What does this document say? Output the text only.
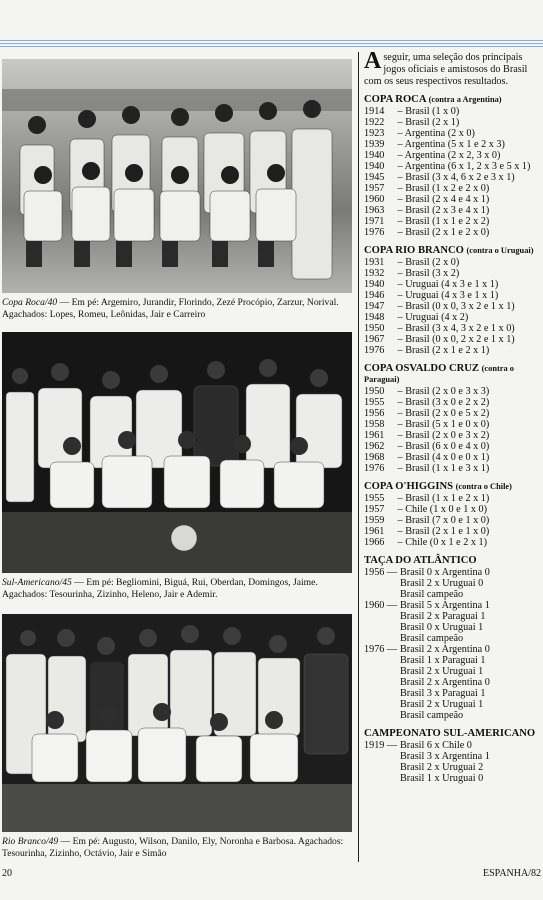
Copa Roca/40 — Em pé: Argemiro, Jurandir, Florindo, Zezé Procópio, Zarzur, Norival. Agachados: Lopes, Romeu, Leônidas, Jair e Carreiro
Sul-Americano/45 — Em pé: Begliomini, Biguá, Rui, Oberdan, Domingos, Jaime. Agachados: Tesourinha, Zizinho, Heleno, Jair e Ademir.
Rio Branco/49 — Em pé: Augusto, Wilson, Danilo, Ely, Noronha e Barbosa. Agachados: Tesourinha, Zizinho, Octávio, Jair e Simão

Aseguir, uma seleção dos principais jogos oficiais e amistosos do Brasil com os seus respectivos resultados.

COPA ROCA (contra a Argentina)
1914 – Brasil (1 x 0)
1922 – Brasil (2 x 1)
1923 – Argentina (2 x 0)
1939 – Argentina (5 x 1 e 2 x 3)
1940 – Argentina (2 x 2, 3 x 0)
1940 – Argentina (6 x 1, 2 x 3 e 5 x 1)
1945 – Brasil (3 x 4, 6 x 2 e 3 x 1)
1957 – Brasil (1 x 2 e 2 x 0)
1960 – Brasil (2 x 4 e 4 x 1)
1963 – Brasil (2 x 3 e 4 x 1)
1971 – Brasil (1 x 1 e 2 x 2)
1976 – Brasil (2 x 1 e 2 x 0)
COPA RIO BRANCO (contra o Uruguai)
1931 – Brasil (2 x 0)
1932 – Brasil (3 x 2)
1940 – Uruguai (4 x 3 e 1 x 1)
1946 – Uruguai (4 x 3 e 1 x 1)
1947 – Brasil (0 x 0, 3 x 2 e 1 x 1)
1948 – Uruguai (4 x 2)
1950 – Brasil (3 x 4, 3 x 2 e 1 x 0)
1967 – Brasil (0 x 0, 2 x 2 e 1 x 1)
1976 – Brasil (2 x 1 e 2 x 1)
COPA OSVALDO CRUZ (contra o Paraguai)
1950 – Brasil (2 x 0 e 3 x 3)
1955 – Brasil (3 x 0 e 2 x 2)
1956 – Brasil (2 x 0 e 5 x 2)
1958 – Brasil (5 x 1 e 0 x 0)
1961 – Brasil (2 x 0 e 3 x 2)
1962 – Brasil (6 x 0 e 4 x 0)
1968 – Brasil (4 x 0 e 0 x 1)
1976 – Brasil (1 x 1 e 3 x 1)
COPA O'HIGGINS (contra o Chile)
1955 – Brasil (1 x 1 e 2 x 1)
1957 – Chile (1 x 0 e 1 x 0)
1959 – Brasil (7 x 0 e 1 x 0)
1961 – Brasil (2 x 1 e 1 x 0)
1966 – Chile (0 x 1 e 2 x 1)
TAÇA DO ATLÂNTICO
1956 — Brasil 0 x Argentina 0
Brasil 2 x Uruguai 0
Brasil campeão
1960 — Brasil 5 x Argentina 1
Brasil 2 x Paraguai 1
Brasil 0 x Uruguai 1
Brasil campeão
1976 — Brasil 2 x Argentina 0
Brasil 1 x Paraguai 1
Brasil 2 x Uruguai 1
Brasil 2 x Argentina 0
Brasil 3 x Paraguai 1
Brasil 2 x Uruguai 1
Brasil campeão
CAMPEONATO SUL-AMERICANO
1919 — Brasil 6 x Chile 0
Brasil 3 x Argentina 1
Brasil 2 x Uruguai 2
Brasil 1 x Uruguai 0
20	ESPANHA/82
